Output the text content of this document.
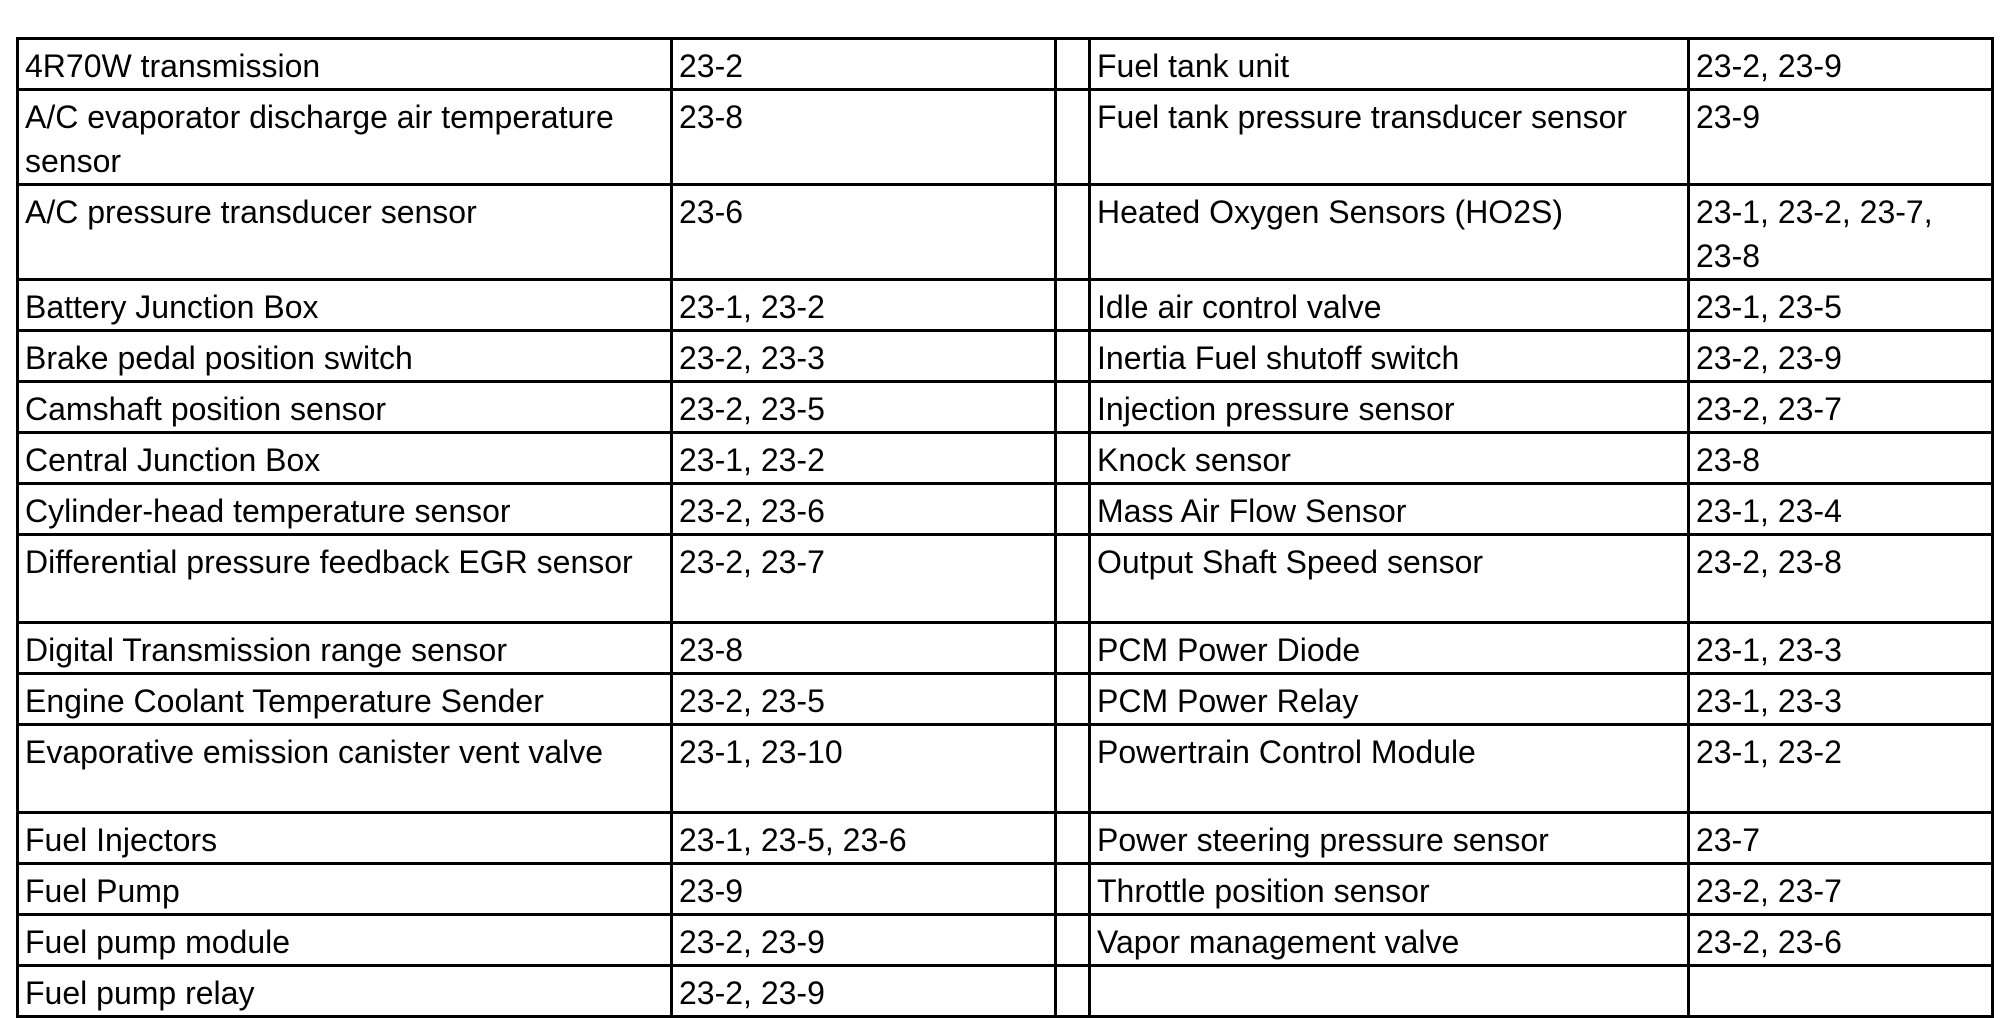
4R70W transmission	23-2		Fuel tank unit	23-2, 23-9
A/C evaporator discharge air temperature sensor	23-8		Fuel tank pressure transducer sensor	23-9
A/C pressure transducer sensor	23-6		Heated Oxygen Sensors (HO2S)	23-1, 23-2, 23-7, 23-8
Battery Junction Box	23-1, 23-2		Idle air control valve	23-1, 23-5
Brake pedal position switch	23-2, 23-3		Inertia Fuel shutoff switch	23-2, 23-9
Camshaft position sensor	23-2, 23-5		Injection pressure sensor	23-2, 23-7
Central Junction Box	23-1, 23-2		Knock sensor	23-8
Cylinder-head temperature sensor	23-2, 23-6		Mass Air Flow Sensor	23-1, 23-4
Differential pressure feedback EGR sensor	23-2, 23-7		Output Shaft Speed sensor	23-2, 23-8
Digital Transmission range sensor	23-8		PCM Power Diode	23-1, 23-3
Engine Coolant Temperature Sender	23-2, 23-5		PCM Power Relay	23-1, 23-3
Evaporative emission canister vent valve	23-1, 23-10		Powertrain Control Module	23-1, 23-2
Fuel Injectors	23-1, 23-5, 23-6		Power steering pressure sensor	23-7
Fuel Pump	23-9		Throttle position sensor	23-2, 23-7
Fuel pump module	23-2, 23-9		Vapor management valve	23-2, 23-6
Fuel pump relay	23-2, 23-9			
